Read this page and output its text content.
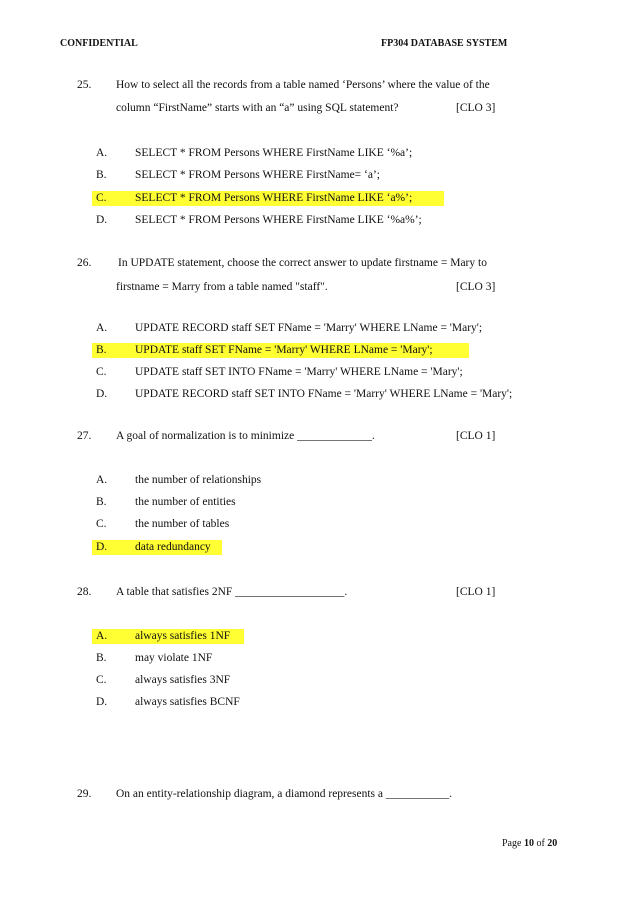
CONFIDENTIAL	FP304 DATABASE SYSTEM
25. How to select all the records from a table named ‘Persons’ where the value of the
column “FirstName” starts with an “a” using SQL statement?	[CLO 3]
A. SELECT * FROM Persons WHERE FirstName LIKE ‘%a’;
B. SELECT * FROM Persons WHERE FirstName= ‘a’;
C. SELECT * FROM Persons WHERE FirstName LIKE ‘a%’;
D. SELECT * FROM Persons WHERE FirstName LIKE ‘%a%’;
26. In UPDATE statement, choose the correct answer to update firstname = Mary to
firstname = Marry from a table named "staff".	[CLO 3]
A. UPDATE RECORD staff SET FName = 'Marry' WHERE LName = 'Mary';
B. UPDATE staff SET FName = 'Marry' WHERE LName = 'Mary';
C. UPDATE staff SET INTO FName = 'Marry' WHERE LName = 'Mary';
D. UPDATE RECORD staff SET INTO FName = 'Marry' WHERE LName = 'Mary';
27. A goal of normalization is to minimize _____________.	[CLO 1]
A. the number of relationships
B. the number of entities
C. the number of tables
D. data redundancy
28. A table that satisfies 2NF ___________________.	[CLO 1]
A. always satisfies 1NF
B. may violate 1NF
C. always satisfies 3NF
D. always satisfies BCNF
29. On an entity-relationship diagram, a diamond represents a ___________.
Page 10 of 20
